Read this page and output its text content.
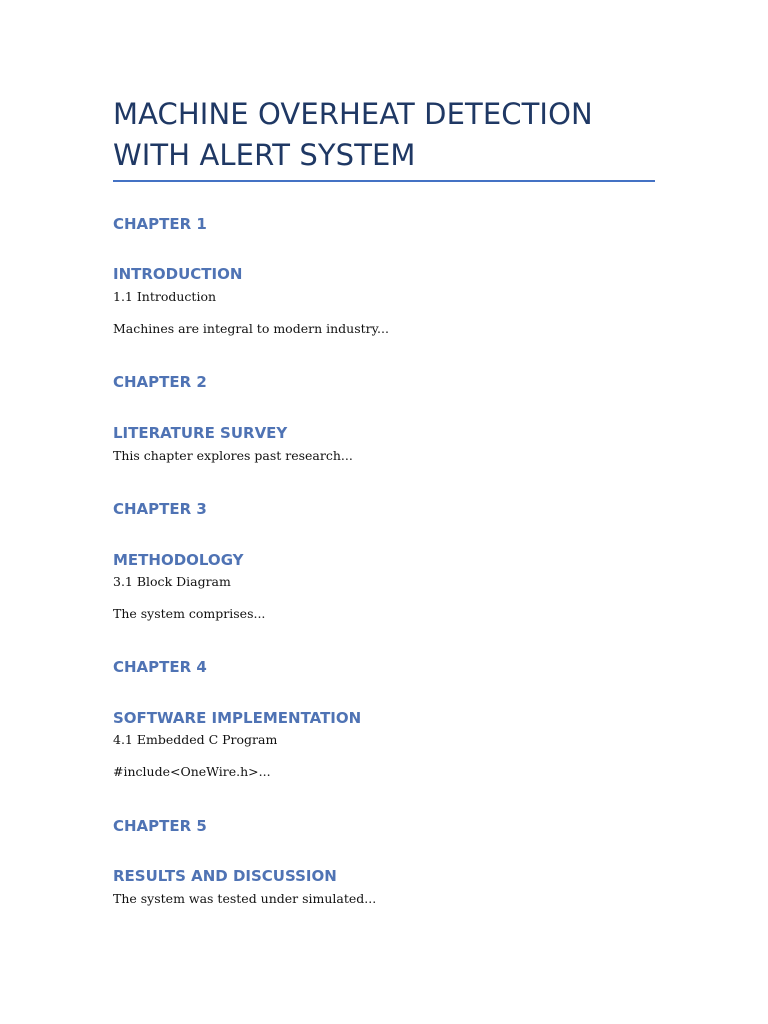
MACHINE OVERHEAT DETECTION WITH ALERT SYSTEM
CHAPTER 1
INTRODUCTION

1.1 Introduction

Machines are integral to modern industry...

CHAPTER 2
LITERATURE SURVEY

This chapter explores past research...

CHAPTER 3
METHODOLOGY

3.1 Block Diagram

The system comprises...

CHAPTER 4
SOFTWARE IMPLEMENTATION

4.1 Embedded C Program

#include<OneWire.h>...

CHAPTER 5
RESULTS AND DISCUSSION

The system was tested under simulated...
